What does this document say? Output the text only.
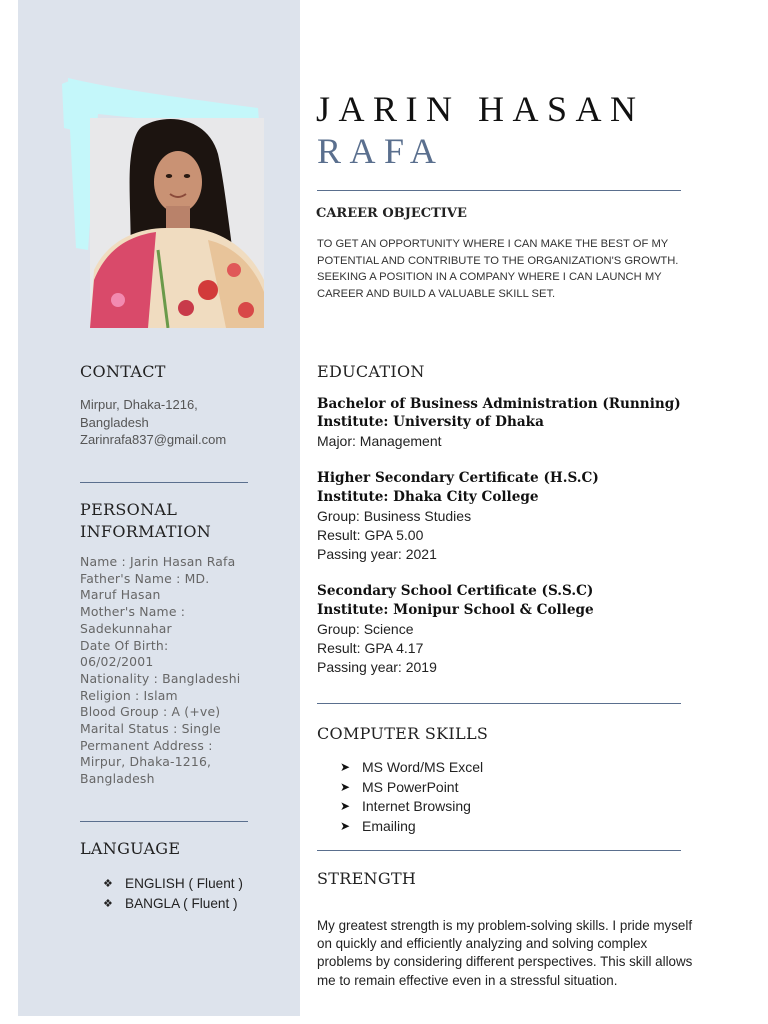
CONTACT
Mirpur, Dhaka-1216,
Bangladesh
Zarinrafa837@gmail.com
PERSONAL
INFORMATION
Name : Jarin Hasan Rafa
Father's Name : MD.
Maruf Hasan
Mother's Name :
Sadekunnahar
Date Of Birth:
06/02/2001
Nationality : Bangladeshi
Religion : Islam
Blood Group : A (+ve)
Marital Status : Single
Permanent Address :
Mirpur, Dhaka-1216,
Bangladesh
LANGUAGE
❖ ENGLISH ( Fluent )
❖ BANGLA ( Fluent )
JARIN HASAN
RAFA
CAREER OBJECTIVE
TO GET AN OPPORTUNITY WHERE I CAN MAKE THE BEST OF MY POTENTIAL AND CONTRIBUTE TO THE ORGANIZATION'S GROWTH. SEEKING A POSITION IN A COMPANY WHERE I CAN LAUNCH MY CAREER AND BUILD A VALUABLE SKILL SET.
EDUCATION
Bachelor of Business Administration (Running)
Institute: University of Dhaka
Major: Management
Higher Secondary Certificate (H.S.C)
Institute: Dhaka City College
Group: Business Studies
Result: GPA 5.00
Passing year: 2021
Secondary School Certificate (S.S.C)
Institute: Monipur School & College
Group: Science
Result: GPA 4.17
Passing year: 2019
COMPUTER SKILLS
➤ MS Word/MS Excel
➤ MS PowerPoint
➤ Internet Browsing
➤ Emailing
STRENGTH
My greatest strength is my problem-solving skills. I pride myself on quickly and efficiently analyzing and solving complex problems by considering different perspectives. This skill allows me to remain effective even in a stressful situation.
